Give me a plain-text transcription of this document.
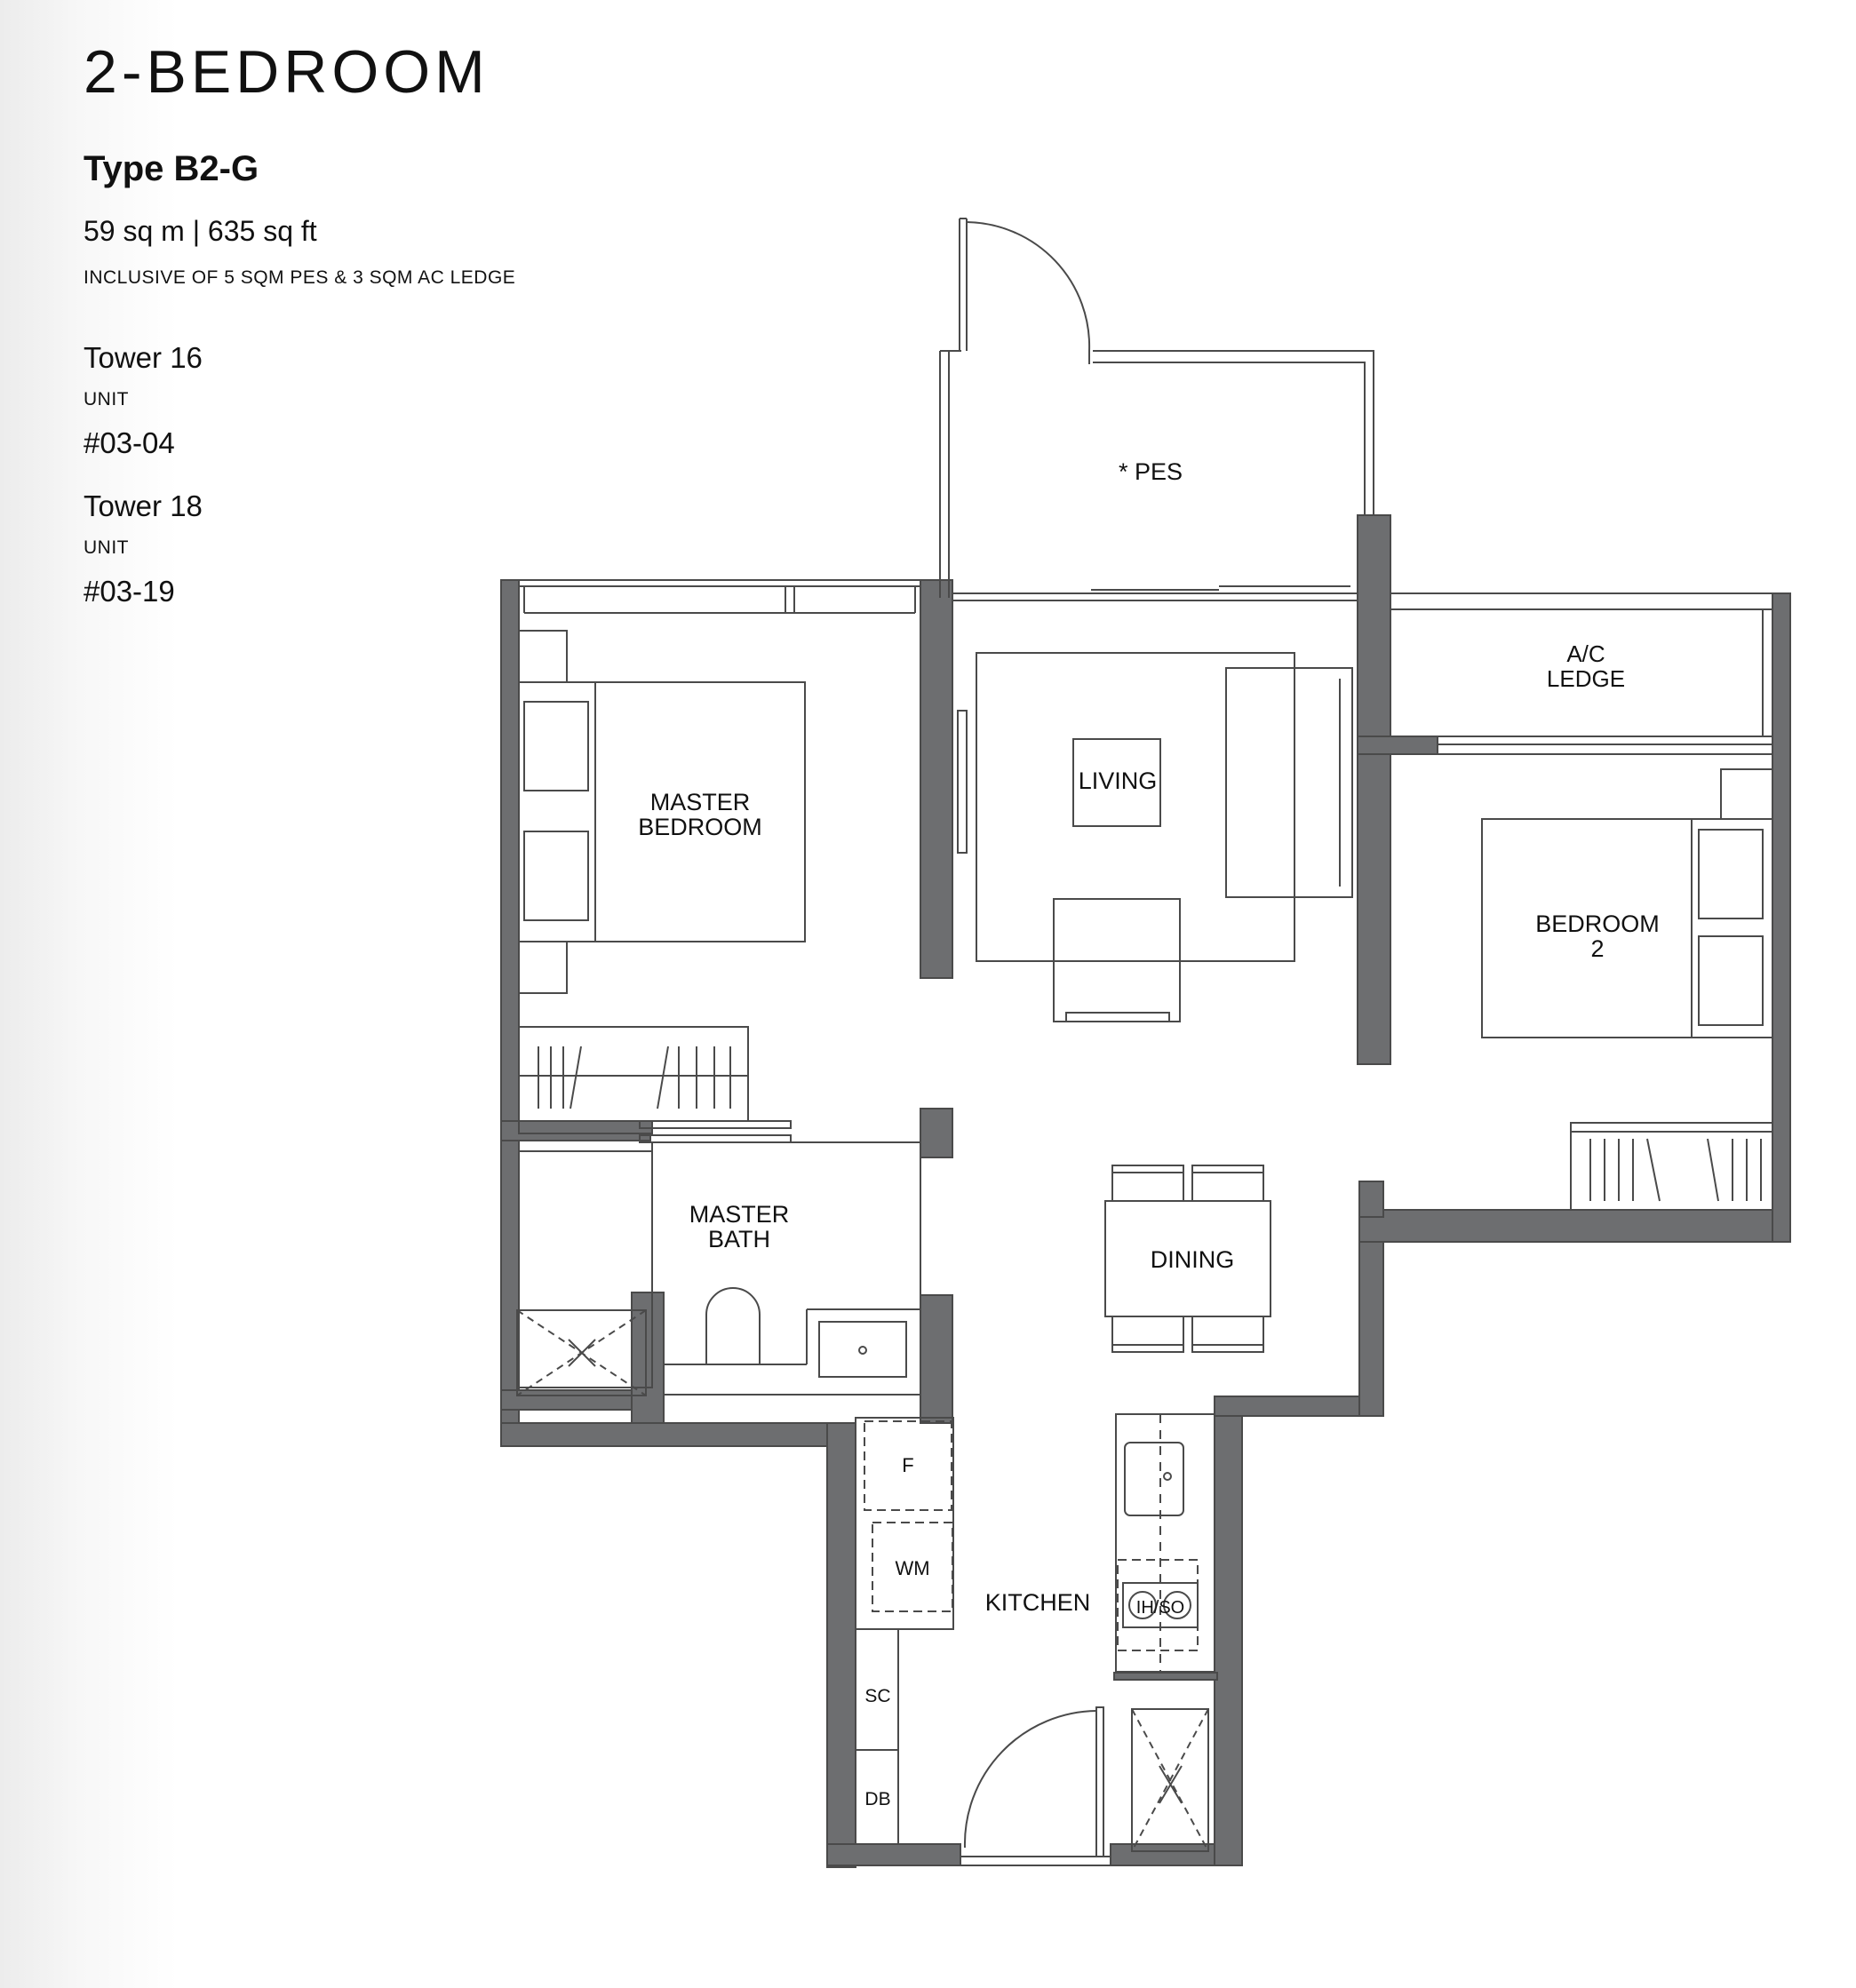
2-BEDROOM
Type B2-G
59 sq m | 635 sq ft
INCLUSIVE OF 5 SQM PES & 3 SQM AC LEDGE
Tower 16
UNIT
#03-04
Tower 18
UNIT
#03-19
* PES
A/C
LEDGE
MASTER
BEDROOM
LIVING
BEDROOM
2
MASTER
BATH
DINING
KITCHEN
F
WM
SC
DB
IH/SO
